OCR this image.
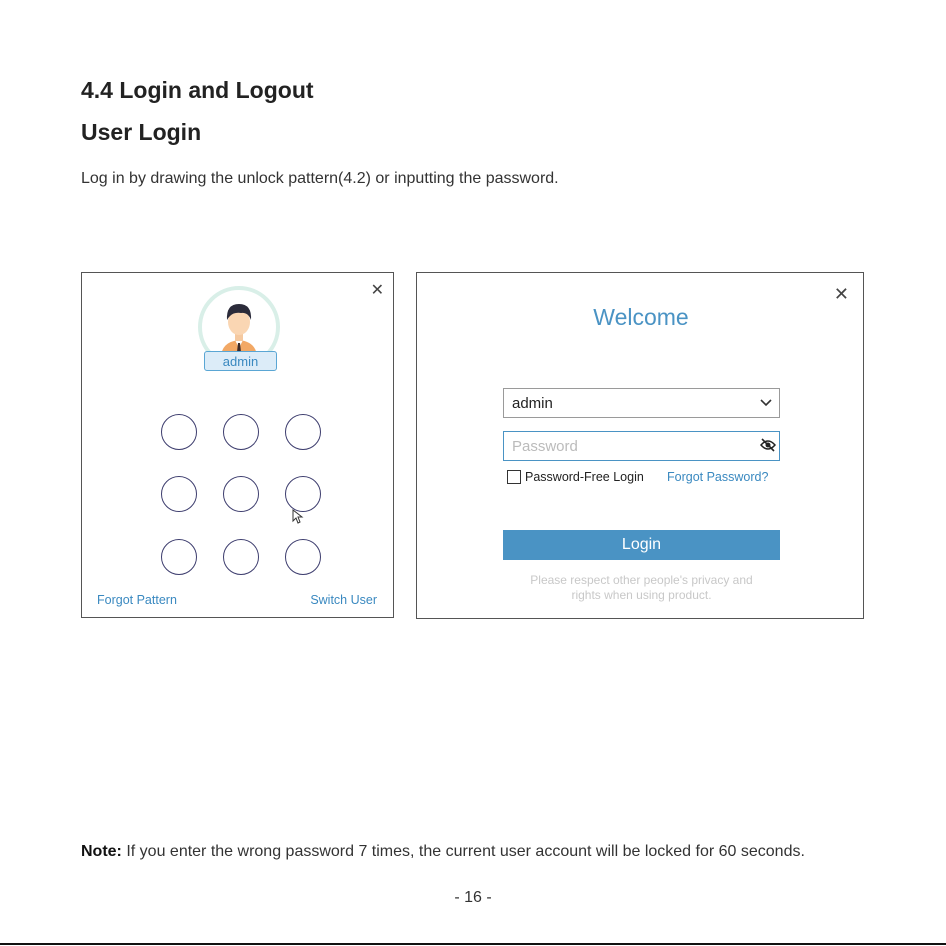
4.4 Login and Logout
User Login
Log in by drawing the unlock pattern(4.2) or inputting the password.
✕
admin
Forgot Pattern	Switch User
✕
Welcome
admin
Password-Free Login Forgot Password?
Login
Please respect other people's privacy and
rights when using product.
Note: If you enter the wrong password 7 times, the current user account will be locked for 60 seconds.
- 16 -
